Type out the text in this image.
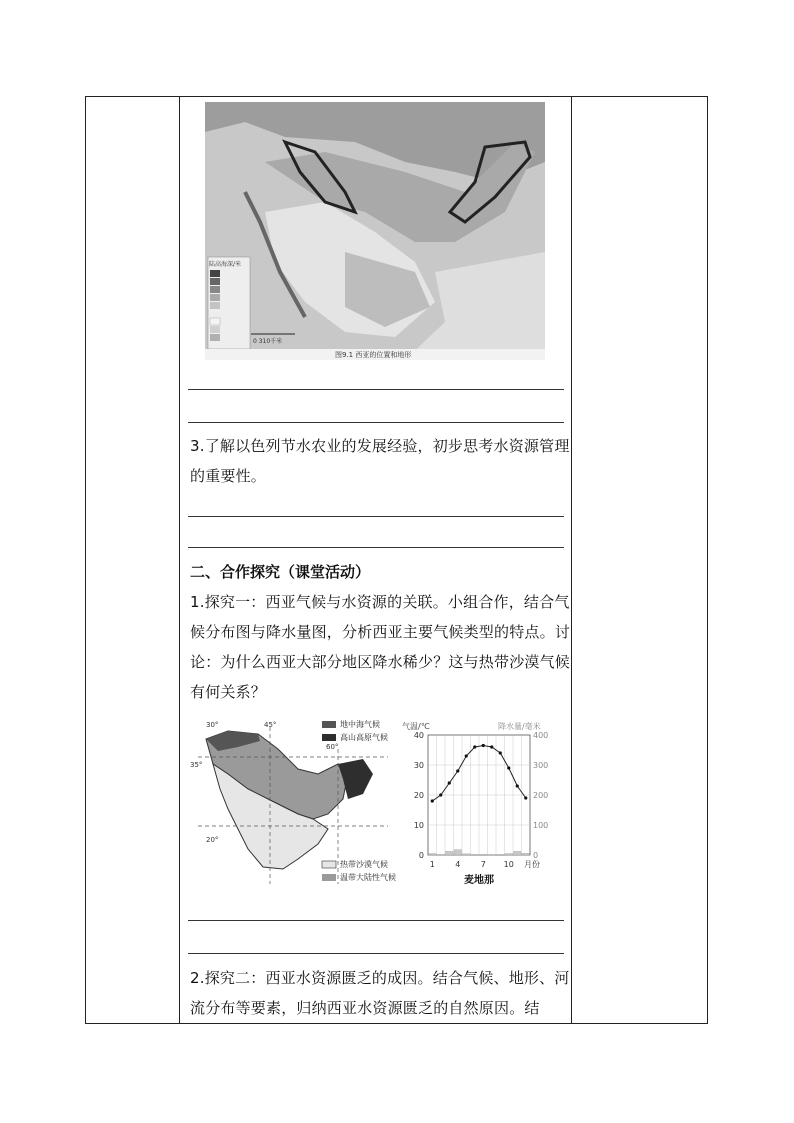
陆高海深/米
0 310千米
图9.1 西亚的位置和地形

3.了解以色列节水农业的发展经验，初步思考水资源管理的重要性。

二、合作探究（课堂活动）

1.探究一：西亚气候与水资源的关联。小组合作，结合气候分布图与降水量图，分析西亚主要气候类型的特点。讨论：为什么西亚大部分地区降水稀少？这与热带沙漠气候有何关系？

30°	45°
35°
60°
20°
地中海气候
高山高原气候
热带沙漠气候
温带大陆性气候
气温/℃	降水量/毫米
0
10
20
30
40
0
100
200
300
400
1	4	7 10 月份
麦地那

2.探究二：西亚水资源匮乏的成因。结合气候、地形、河流分布等要素，归纳西亚水资源匮乏的自然原因。结
